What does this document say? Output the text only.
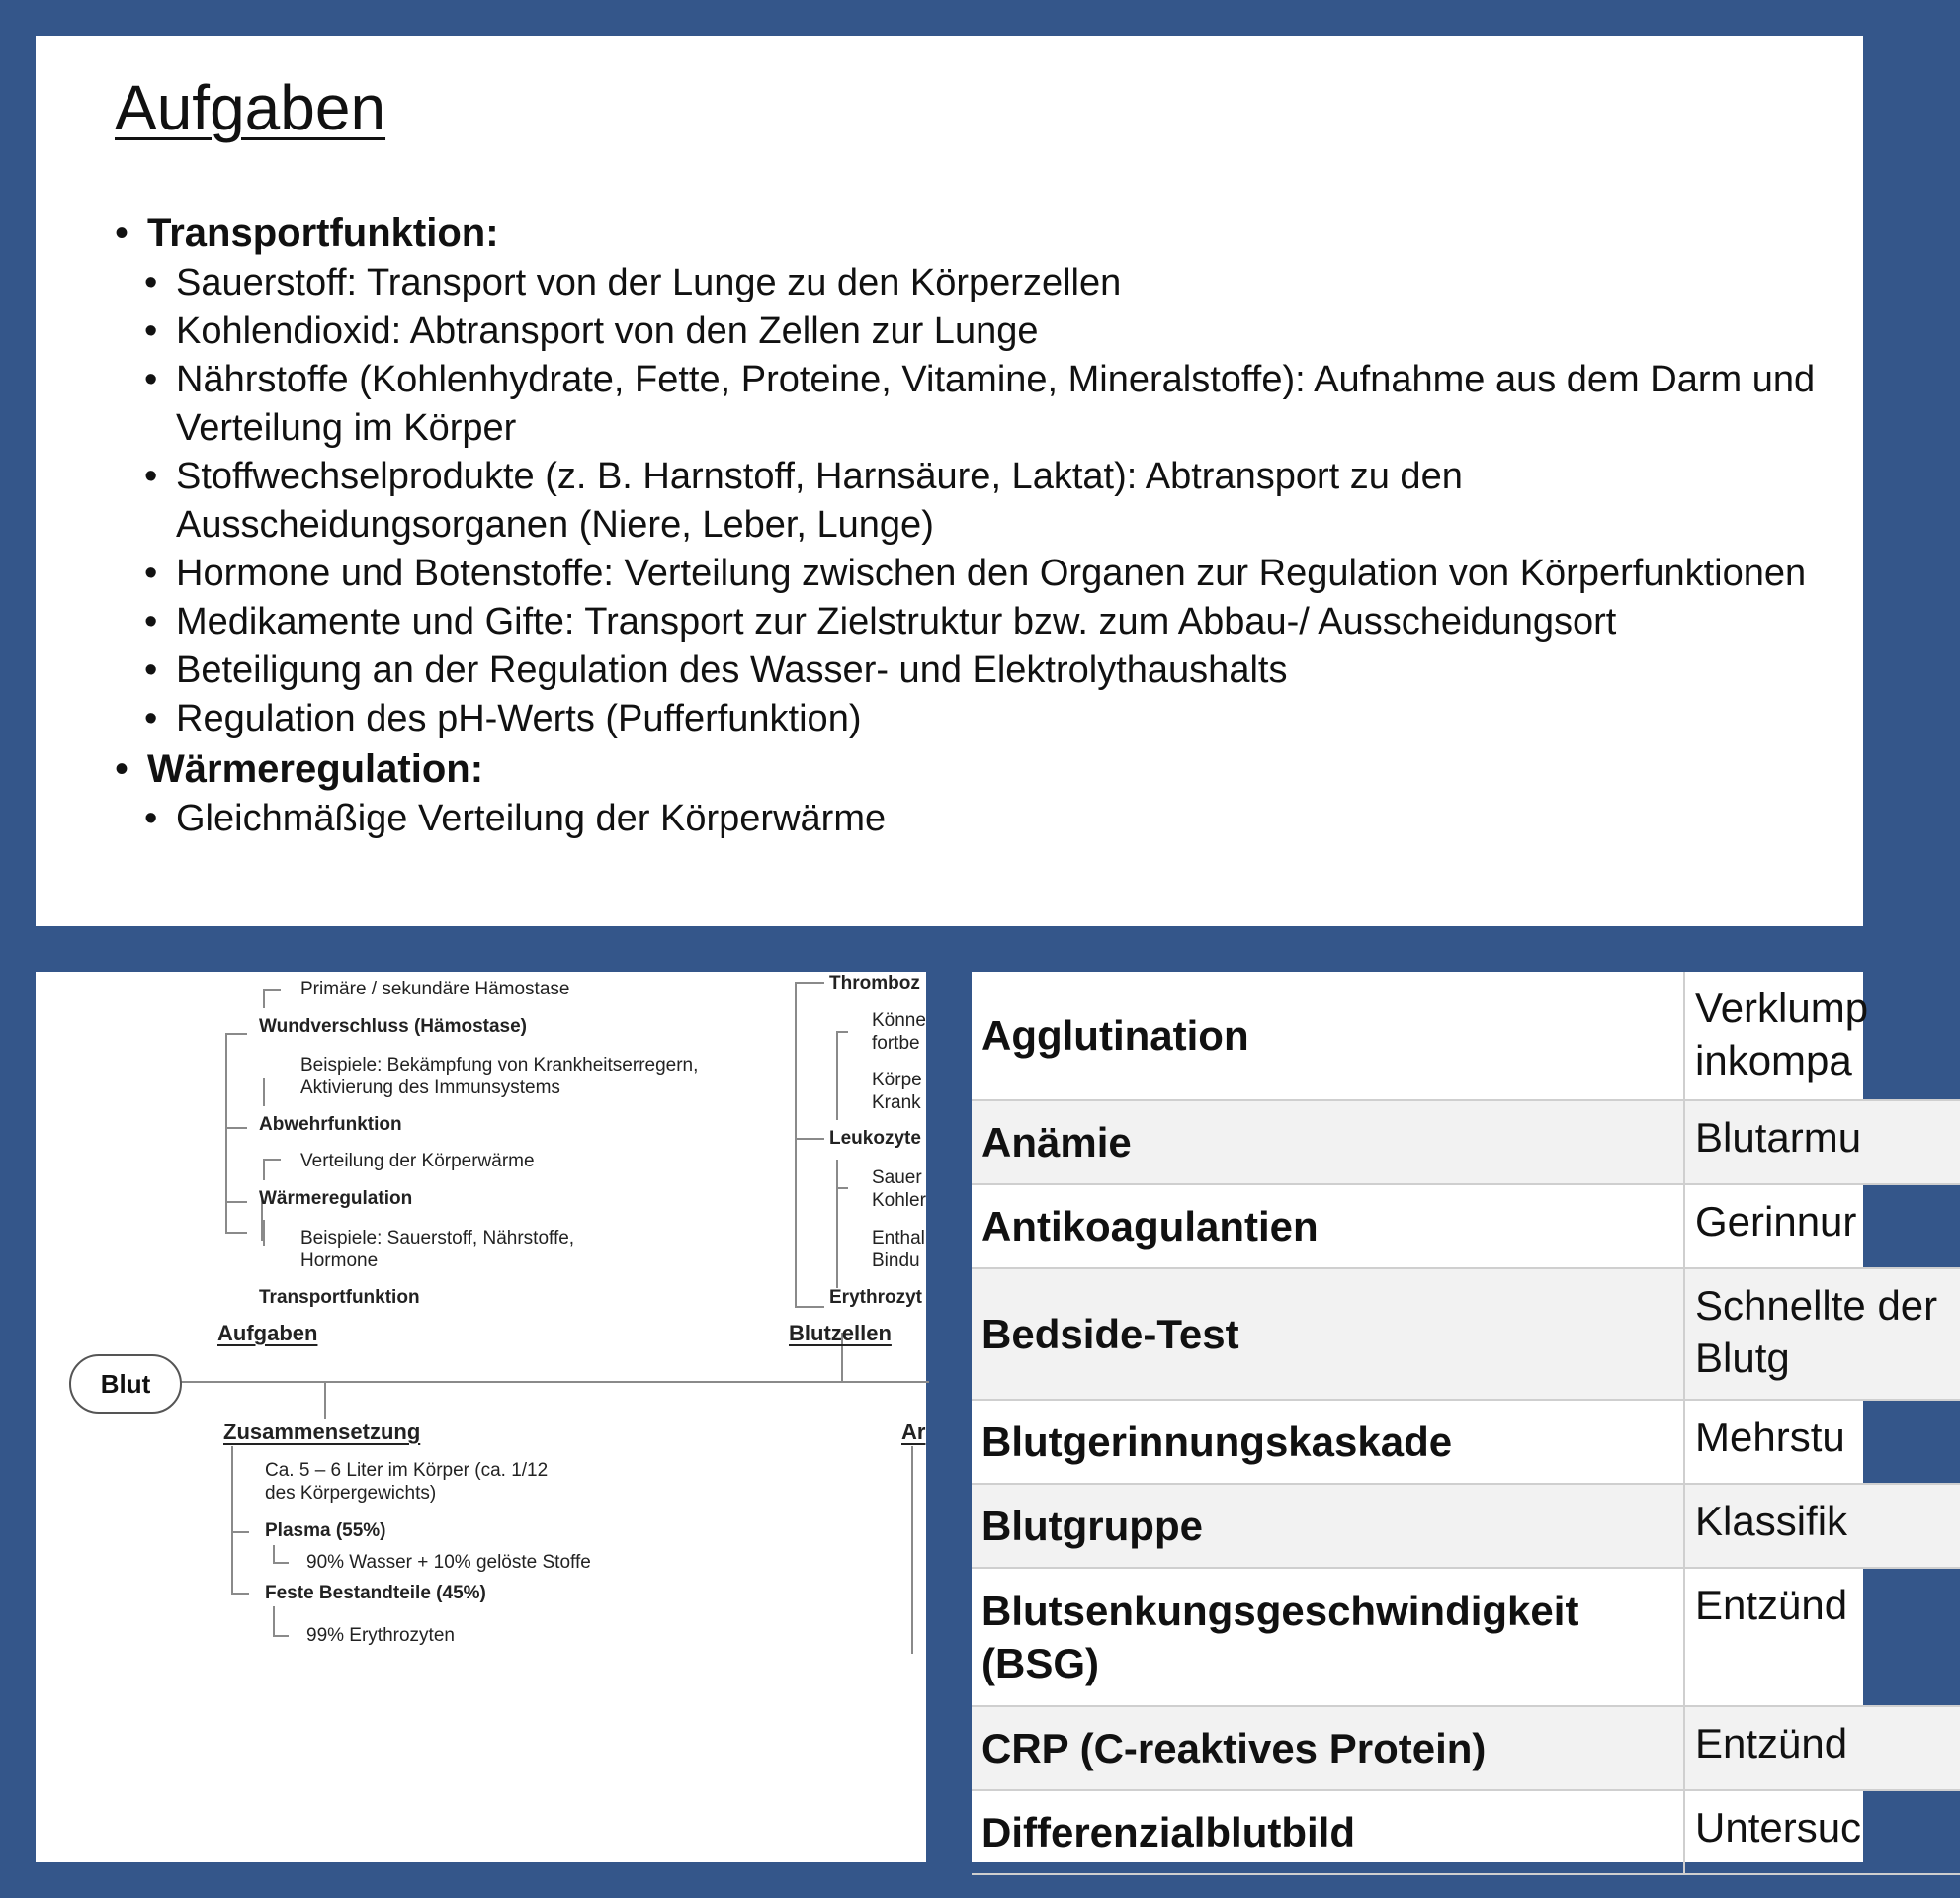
Aufgaben
• Transportfunktion:
• Sauerstoff: Transport von der Lunge zu den Körperzellen
• Kohlendioxid: Abtransport von den Zellen zur Lunge
• Nährstoffe (Kohlenhydrate, Fette, Proteine, Vitamine, Mineralstoffe): Aufnahme aus dem Darm und Verteilung im Körper
• Stoffwechselprodukte (z. B. Harnstoff, Harnsäure, Laktat): Abtransport zu den Ausscheidungsorganen (Niere, Leber, Lunge)
• Hormone und Botenstoffe: Verteilung zwischen den Organen zur Regulation von Körperfunktionen
• Medikamente und Gifte: Transport zur Zielstruktur bzw. zum Abbau-/ Ausscheidungsort
• Beteiligung an der Regulation des Wasser- und Elektrolythaushalts
• Regulation des pH-Werts (Pufferfunktion)
• Wärmeregulation:
• Gleichmäßige Verteilung der Körperwärme
Blut
Primäre / sekundäre Hämostase
Wundverschluss (Hämostase)
Beispiele: Bekämpfung von Krankheitserregern,
Aktivierung des Immunsystems
Abwehrfunktion
Verteilung der Körperwärme
Wärmeregulation
Beispiele: Sauerstoff, Nährstoffe,
Hormone
Transportfunktion
Aufgaben
Thromboz
Könne
fortbe
Körpe
Krank
Leukozyte
Sauer
Kohler
Enthal
Bindu
Erythrozyt
Blutzellen
Zusammensetzung
Ca. 5 – 6 Liter im Körper (ca. 1/12
des Körpergewichts)
Plasma (55%)
90% Wasser + 10% gelöste Stoffe
Feste Bestandteile (45%)
99% Erythrozyten
Ar
Agglutination	Verklump inkompa
Anämie	Blutarmu
Antikoagulantien	Gerinnur
Bedside-Test	Schnellte der Blutg
Blutgerinnungskaskade	Mehrstu
Blutgruppe	Klassifik
Blutsenkungsgeschwindigkeit (BSG)	Entzünd
CRP (C-reaktives Protein)	Entzünd
Differenzialblutbild	Untersuc
